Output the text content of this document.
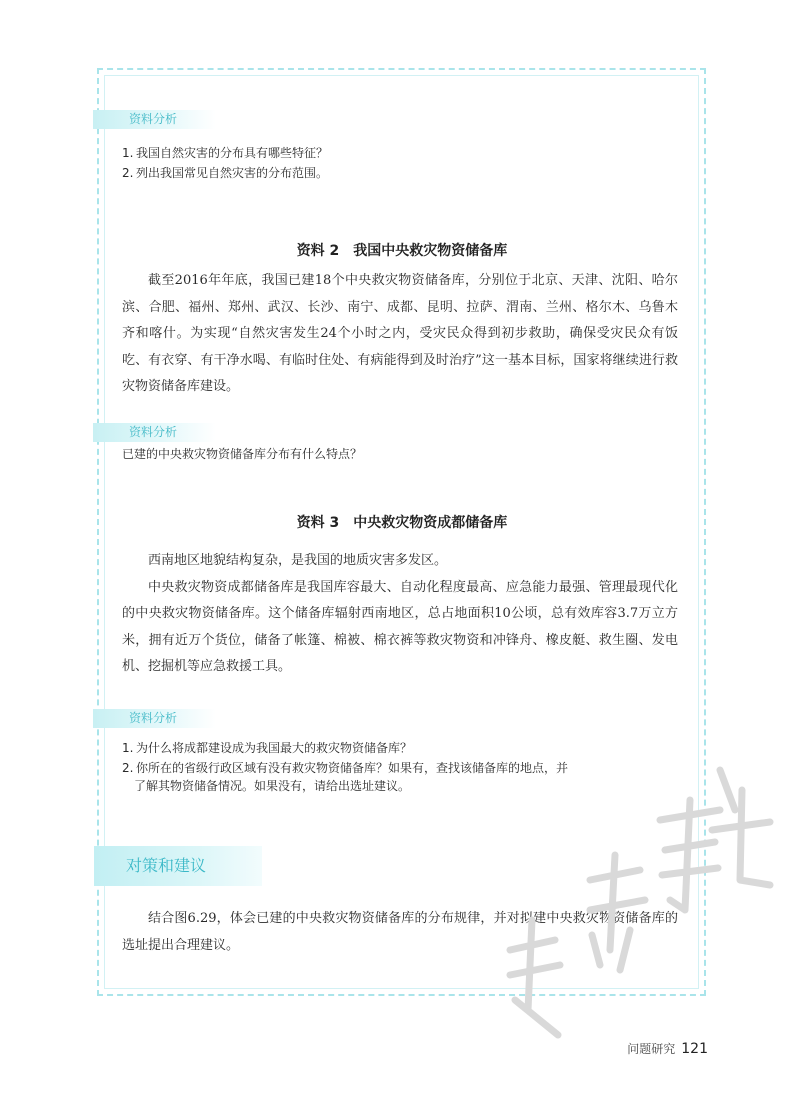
资料分析
1. 我国自然灾害的分布具有哪些特征？
2. 列出我国常见自然灾害的分布范围。
资料 2　我国中央救灾物资储备库

截至2016年年底，我国已建18个中央救灾物资储备库，分别位于北京、天津、沈阳、哈尔滨、合肥、福州、郑州、武汉、长沙、南宁、成都、昆明、拉萨、渭南、兰州、格尔木、乌鲁木齐和喀什。为实现“自然灾害发生24个小时之内，受灾民众得到初步救助，确保受灾民众有饭吃、有衣穿、有干净水喝、有临时住处、有病能得到及时治疗”这一基本目标，国家将继续进行救灾物资储备库建设。

资料分析
已建的中央救灾物资储备库分布有什么特点？
资料 3　中央救灾物资成都储备库

西南地区地貌结构复杂，是我国的地质灾害多发区。

中央救灾物资成都储备库是我国库容最大、自动化程度最高、应急能力最强、管理最现代化的中央救灾物资储备库。这个储备库辐射西南地区，总占地面积10公顷，总有效库容3.7万立方米，拥有近万个货位，储备了帐篷、棉被、棉衣裤等救灾物资和冲锋舟、橡皮艇、救生圈、发电机、挖掘机等应急救援工具。

资料分析
1. 为什么将成都建设成为我国最大的救灾物资储备库？
2. 你所在的省级行政区域有没有救灾物资储备库？如果有，查找该储备库的地点，并
了解其物资储备情况。如果没有，请给出选址建议。
对策和建议

结合图6.29，体会已建的中央救灾物资储备库的分布规律，并对拟建中央救灾物资储备库的选址提出合理建议。

问题研究 121
